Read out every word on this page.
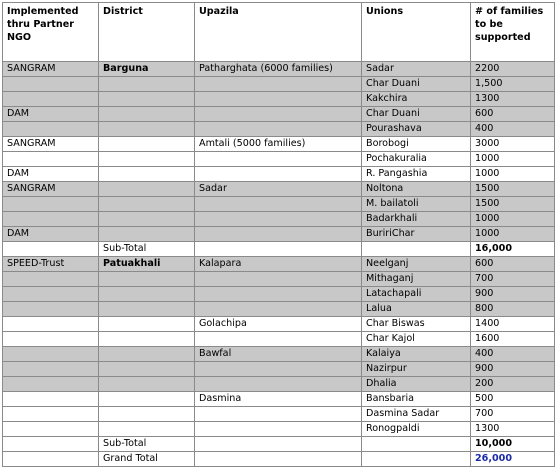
Implemented thru Partner NGO	District	Upazila	Unions	# of families to be supported
SANGRAM	Barguna	Patharghata (6000 families)	Sadar	2200
			Char Duani	1,500
			Kakchira	1300
DAM			Char Duani	600
			Pourashava	400
SANGRAM		Amtali (5000 families)	Borobogi	3000
			Pochakuralia	1000
DAM			R. Pangashia	1000
SANGRAM		Sadar	Noltona	1500
			M. bailatoli	1500
			Badarkhali	1000
DAM			BuririChar	1000
	Sub-Total			16,000
SPEED-Trust	Patuakhali	Kalapara	Neelganj	600
			Mithaganj	700
			Latachapali	900
			Lalua	800
		Golachipa	Char Biswas	1400
			Char Kajol	1600
		Bawfal	Kalaiya	400
			Nazirpur	900
			Dhalia	200
		Dasmina	Bansbaria	500
			Dasmina Sadar	700
			Ronogpaldi	1300
	Sub-Total			10,000
	Grand Total			26,000
